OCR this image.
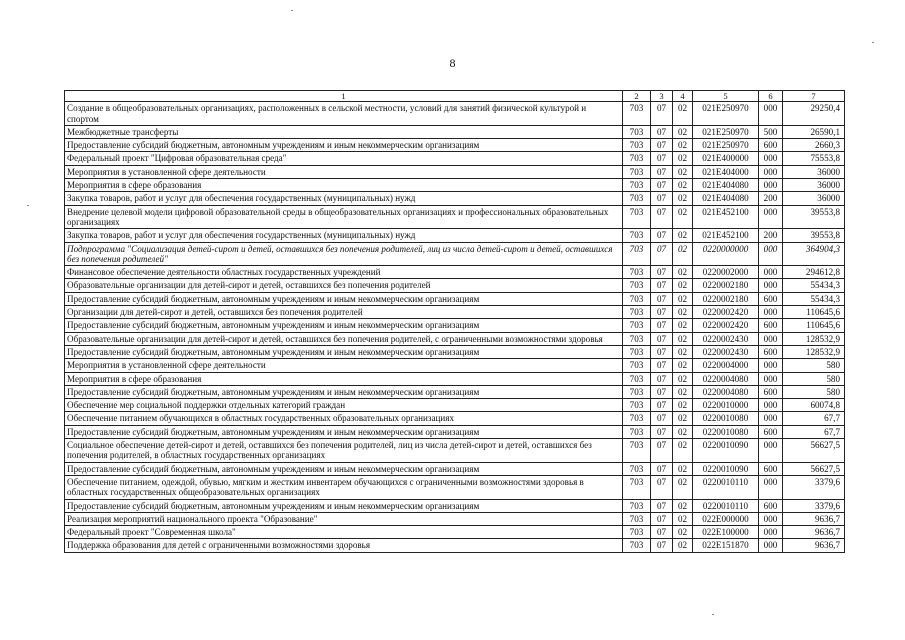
8
1	2	3	4	5	6	7
Создание в общеобразовательных организациях, расположенных в сельской местности, условий для занятий физической культурой и спортом	703	07	02	021E250970	000	29250,4
Межбюджетные трансферты	703	07	02	021E250970	500	26590,1
Предоставление субсидий бюджетным, автономным учреждениям и иным некоммерческим организациям	703	07	02	021E250970	600	2660,3
Федеральный проект "Цифровая образовательная среда"	703	07	02	021E400000	000	75553,8
Мероприятия в установленной сфере деятельности	703	07	02	021E404000	000	36000
Мероприятия в сфере образования	703	07	02	021E404080	000	36000
Закупка товаров, работ и услуг для обеспечения государственных (муниципальных) нужд	703	07	02	021E404080	200	36000
Внедрение целевой модели цифровой образовательной среды в общеобразовательных организациях и профессиональных образовательных организациях	703	07	02	021E452100	000	39553,8
Закупка товаров, работ и услуг для обеспечения государственных (муниципальных) нужд	703	07	02	021E452100	200	39553,8
Подпрограмма "Социализация детей-сирот и детей, оставшихся без попечения родителей, лиц из числа детей-сирот и детей, оставшихся без попечения родителей"	703	07	02	0220000000	000	364904,3
Финансовое обеспечение деятельности областных государственных учреждений	703	07	02	0220002000	000	294612,8
Образовательные организации для детей-сирот и детей, оставшихся без попечения родителей	703	07	02	0220002180	000	55434,3
Предоставление субсидий бюджетным, автономным учреждениям и иным некоммерческим организациям	703	07	02	0220002180	600	55434,3
Организации для детей-сирот и детей, оставшихся без попечения родителей	703	07	02	0220002420	000	110645,6
Предоставление субсидий бюджетным, автономным учреждениям и иным некоммерческим организациям	703	07	02	0220002420	600	110645,6
Образовательные организации для детей-сирот и детей, оставшихся без попечения родителей, с ограниченными возможностями здоровья	703	07	02	0220002430	000	128532,9
Предоставление субсидий бюджетным, автономным учреждениям и иным некоммерческим организациям	703	07	02	0220002430	600	128532,9
Мероприятия в установленной сфере деятельности	703	07	02	0220004000	000	580
Мероприятия в сфере образования	703	07	02	0220004080	000	580
Предоставление субсидий бюджетным, автономным учреждениям и иным некоммерческим организациям	703	07	02	0220004080	600	580
Обеспечение мер социальной поддержки отдельных категорий граждан	703	07	02	0220010000	000	60074,8
Обеспечение питанием обучающихся в областных государственных образовательных организациях	703	07	02	0220010080	000	67,7
Предоставление субсидий бюджетным, автономным учреждениям и иным некоммерческим организациям	703	07	02	0220010080	600	67,7
Социальное обеспечение детей-сирот и детей, оставшихся без попечения родителей, лиц из числа детей-сирот и детей, оставшихся без попечения родителей, в областных государственных организациях	703	07	02	0220010090	000	56627,5
Предоставление субсидий бюджетным, автономным учреждениям и иным некоммерческим организациям	703	07	02	0220010090	600	56627,5
Обеспечение питанием, одеждой, обувью, мягким и жестким инвентарем обучающихся с ограниченными возможностями здоровья в областных государственных общеобразовательных организациях	703	07	02	0220010110	000	3379,6
Предоставление субсидий бюджетным, автономным учреждениям и иным некоммерческим организациям	703	07	02	0220010110	600	3379,6
Реализация мероприятий национального проекта "Образование"	703	07	02	022E000000	000	9636,7
Федеральный проект "Современная школа"	703	07	02	022E100000	000	9636,7
Поддержка образования для детей с ограниченными возможностями здоровья	703	07	02	022E151870	000	9636,7
